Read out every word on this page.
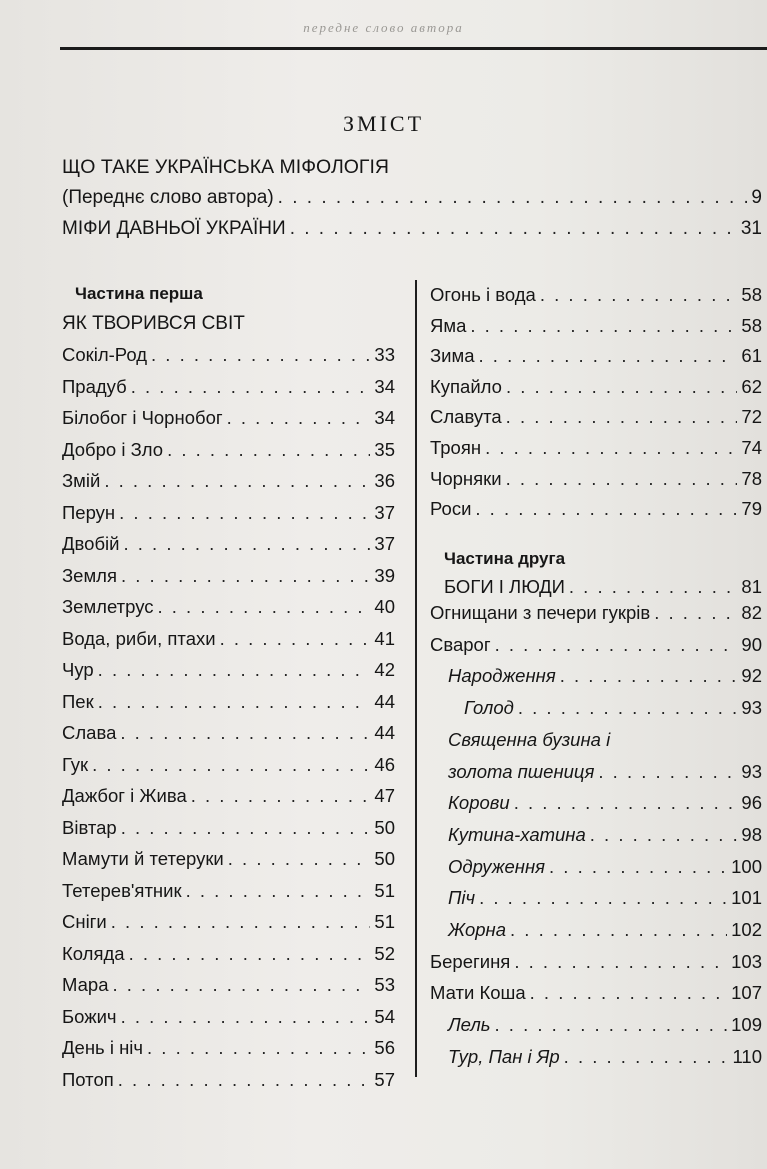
передне слово автора
ЗМІСТ
ЩО ТАКЕ УКРАЇНСЬКА МІФОЛОГІЯ
(Переднє слово автора) . . .	9
МІФИ ДАВНЬОЇ УКРАЇНИ . . .	31
Частина перша
ЯК ТВОРИВСЯ СВІТ
Сокіл-Род . . .	33
Прадуб . . .	34
Білобог і Чорнобог . . .	34
Добро і Зло . . .	35
Змій . . .	36
Перун . . .	37
Двобій . . .	37
Земля . . .	39
Землетрус . . .	40
Вода, риби, птахи . . .	41
Чур . . .	42
Пек . . .	44
Слава . . .	44
Гук . . .	46
Дажбог і Жива . . .	47
Вівтар . . .	50
Мамути й тетеруки . . .	50
Тетерев'ятник . . .	51
Сніги . . .	51
Коляда . . .	52
Мара . . .	53
Божич . . .	54
День і ніч . . .	56
Потоп . . .	57
Огонь і вода . . .	58
Яма . . .	58
Зима . . .	61
Купайло . . .	62
Славута . . .	72
Троян . . .	74
Чорняки . . .	78
Роси . . .	79
Частина друга
БОГИ І ЛЮДИ . . .	81
Огнищани з печери гукрів . . .	82
Сварог . . .	90
Народження . . .	92
Голод . . .	93
Священна бузина і
золота пшениця . . .	93
Корови . . .	96
Кутина-хатина . . .	98
Одруження . . .	100
Піч . . .	101
Жорна . . .	102
Берегиня . . .	103
Мати Коша . . .	107
Лель . . .	109
Тур, Пан і Яр . . .	110
